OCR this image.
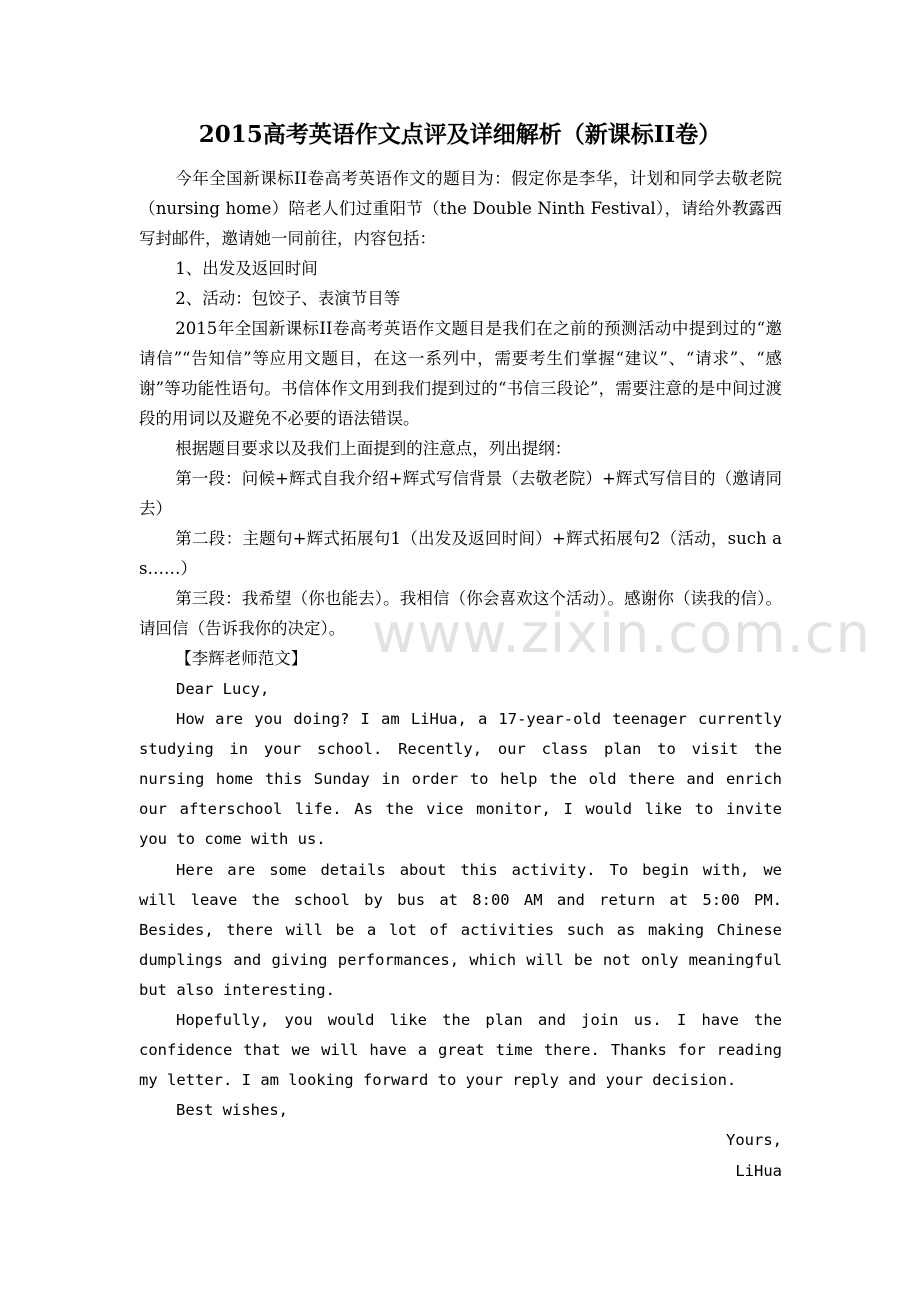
2015高考英语作文点评及详细解析（新课标II卷）

今年全国新课标II卷高考英语作文的题目为：假定你是李华，计划和同学去敬老院（nursing home）陪老人们过重阳节（the Double Ninth Festival），请给外教露西写封邮件，邀请她一同前往，内容包括：

1、出发及返回时间

2、活动：包饺子、表演节目等

2015年全国新课标II卷高考英语作文题目是我们在之前的预测活动中提到过的“邀请信”“告知信”等应用文题目，在这一系列中，需要考生们掌握“建议”、“请求”、“感谢”等功能性语句。书信体作文用到我们提到过的“书信三段论”，需要注意的是中间过渡段的用词以及避免不必要的语法错误。

根据题目要求以及我们上面提到的注意点，列出提纲：

第一段：问候+辉式自我介绍+辉式写信背景（去敬老院）+辉式写信目的（邀请同去）

第二段：主题句+辉式拓展句1（出发及返回时间）+辉式拓展句2（活动，such as……）

第三段：我希望（你也能去）。我相信（你会喜欢这个活动）。感谢你（读我的信）。请回信（告诉我你的决定）。

【李辉老师范文】

Dear Lucy,

How are you doing? I am LiHua, a 17-year-old teenager currently studying in your school. Recently, our class plan to visit the nursing home this Sunday in order to help the old there and enrich our afterschool life. As the vice monitor, I would like to invite you to come with us.

Here are some details about this activity. To begin with, we will leave the school by bus at 8:00 AM and return at 5:00 PM. Besides, there will be a lot of activities such as making Chinese dumplings and giving performances, which will be not only meaningful but also interesting.

Hopefully, you would like the plan and join us. I have the confidence that we will have a great time there. Thanks for reading my letter. I am looking forward to your reply and your decision.

Best wishes,

Yours,

LiHua

www.zixin.com.cn
